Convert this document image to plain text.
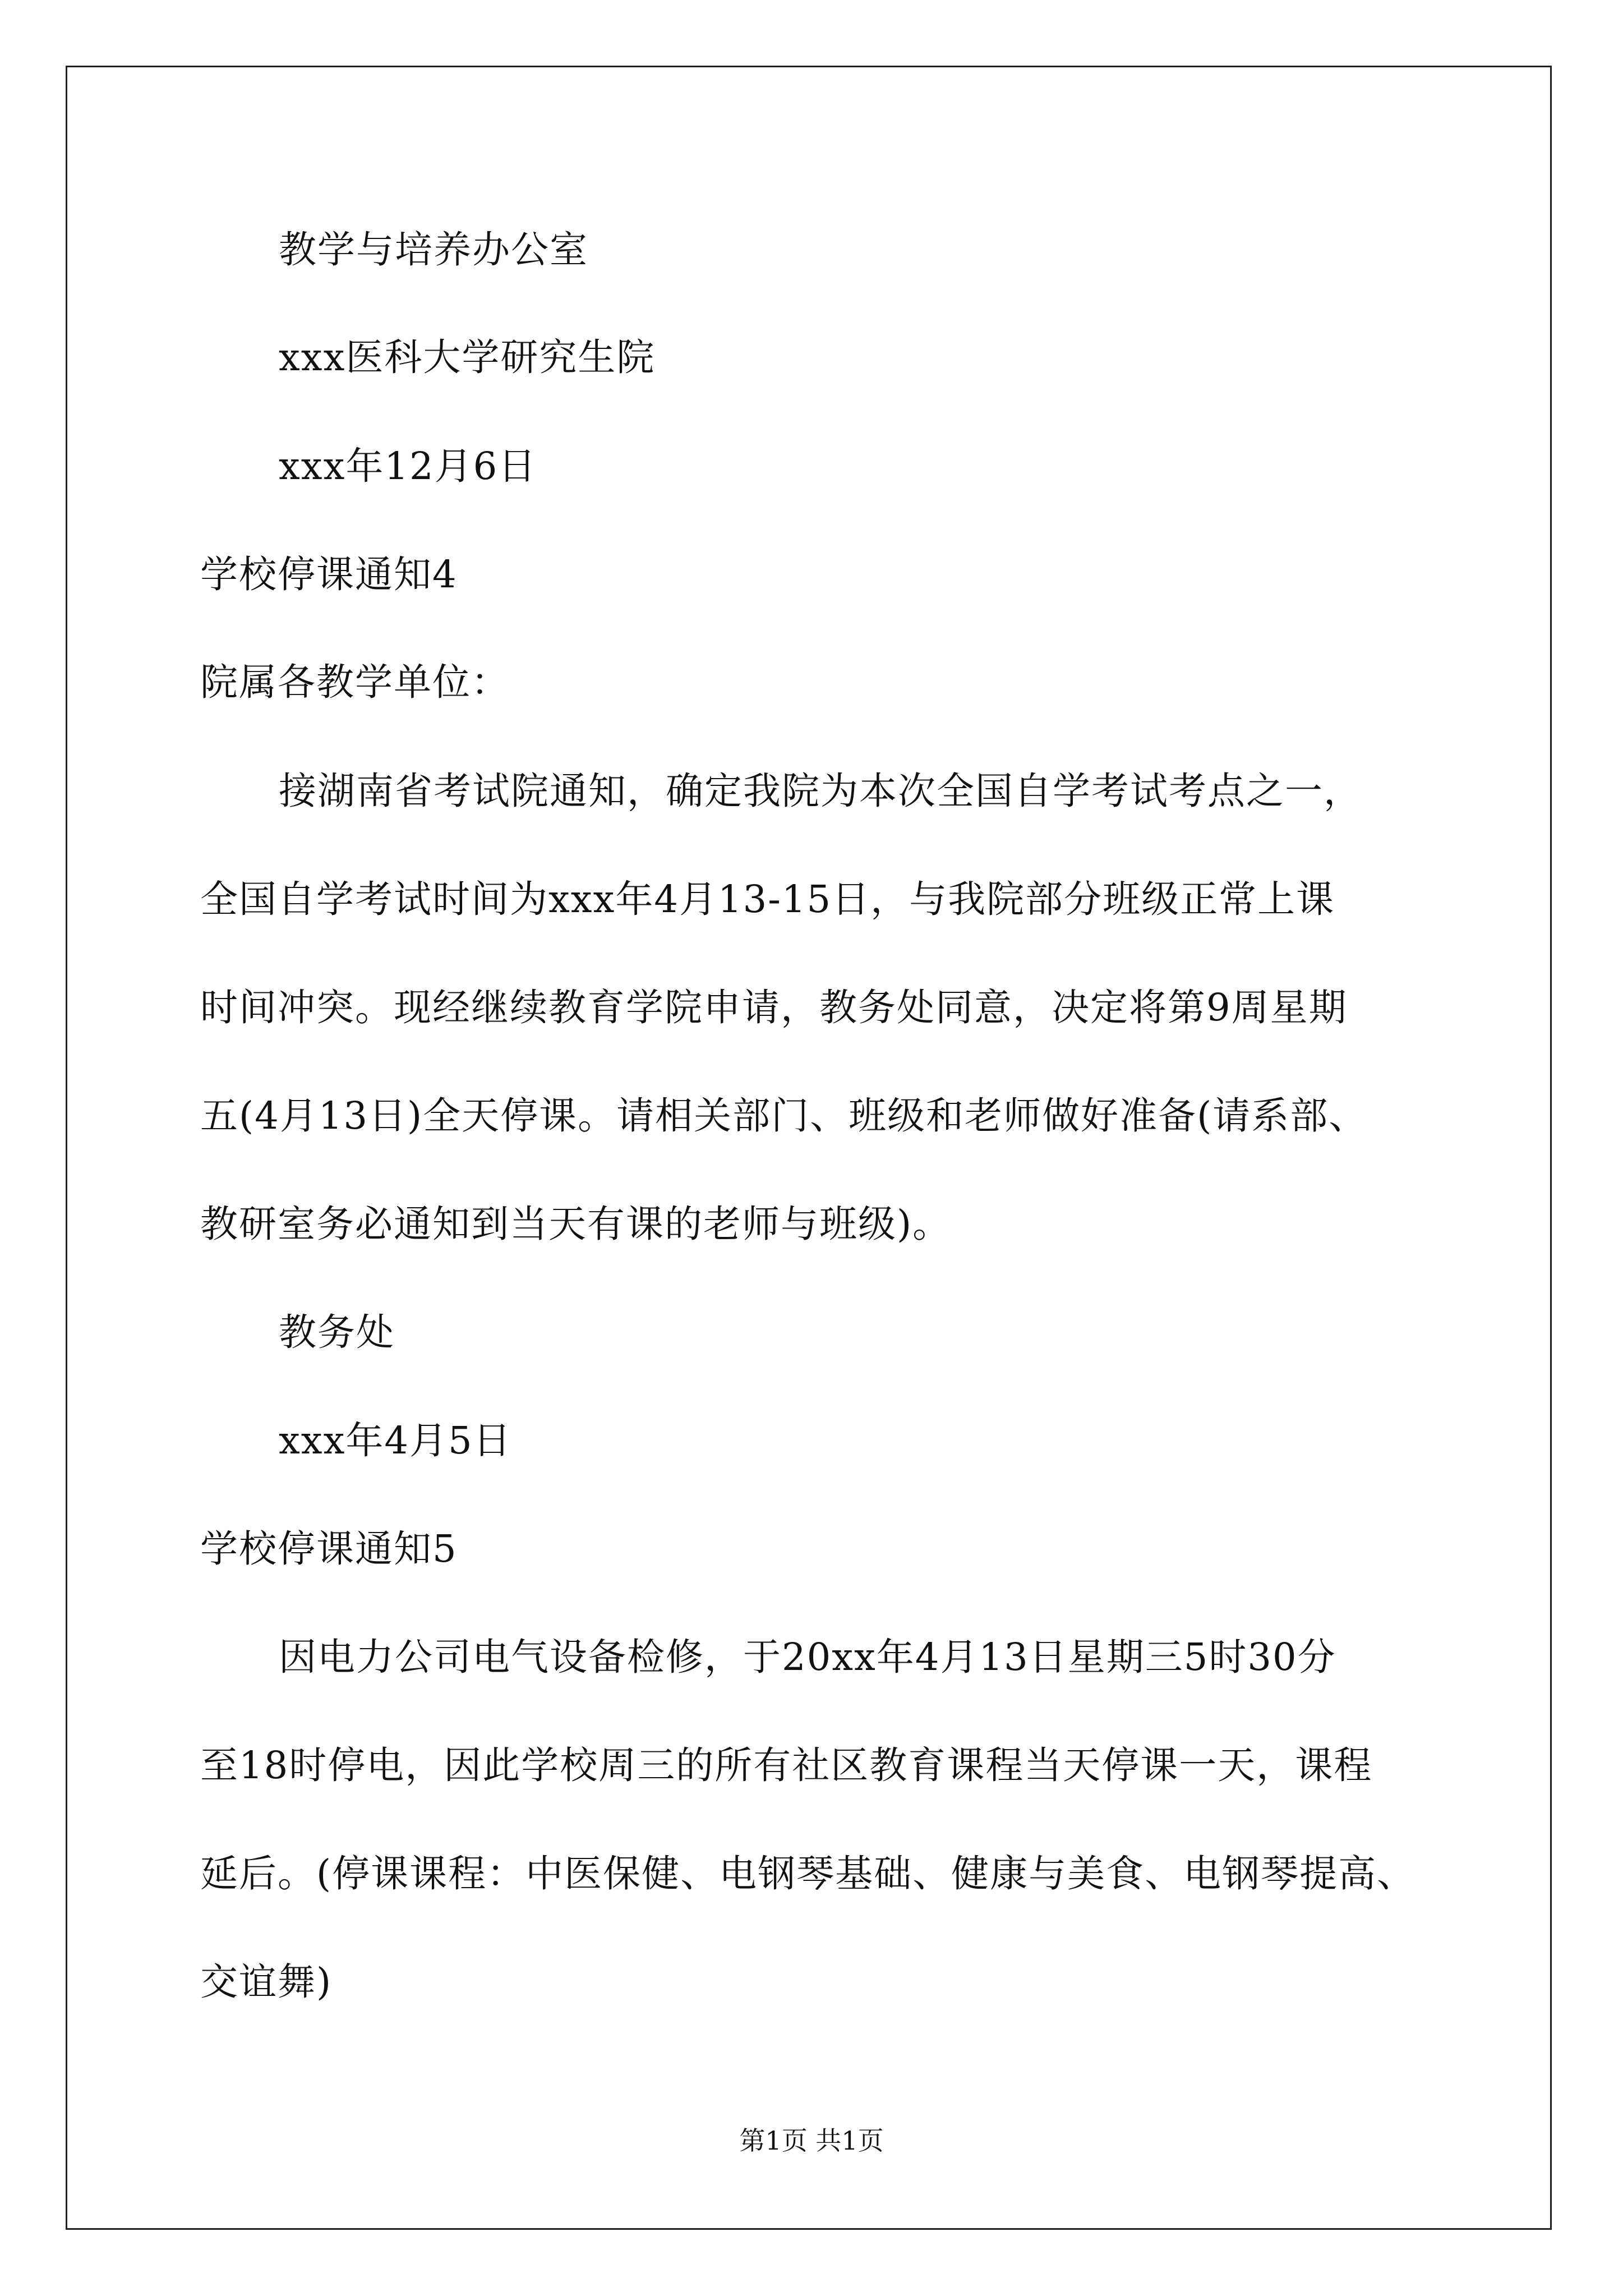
教学与培养办公室
xxx医科大学研究生院
xxx年12月6日
学校停课通知4
院属各教学单位：
接湖南省考试院通知，确定我院为本次全国自学考试考点之一，
全国自学考试时间为xxx年4月13-15日，与我院部分班级正常上课
时间冲突。现经继续教育学院申请，教务处同意，决定将第9周星期
五(4月13日)全天停课。请相关部门、班级和老师做好准备(请系部、
教研室务必通知到当天有课的老师与班级)。
教务处
xxx年4月5日
学校停课通知5
因电力公司电气设备检修，于20xx年4月13日星期三5时30分
至18时停电，因此学校周三的所有社区教育课程当天停课一天，课程
延后。(停课课程：中医保健、电钢琴基础、健康与美食、电钢琴提高、
交谊舞)
第1页 共1页
